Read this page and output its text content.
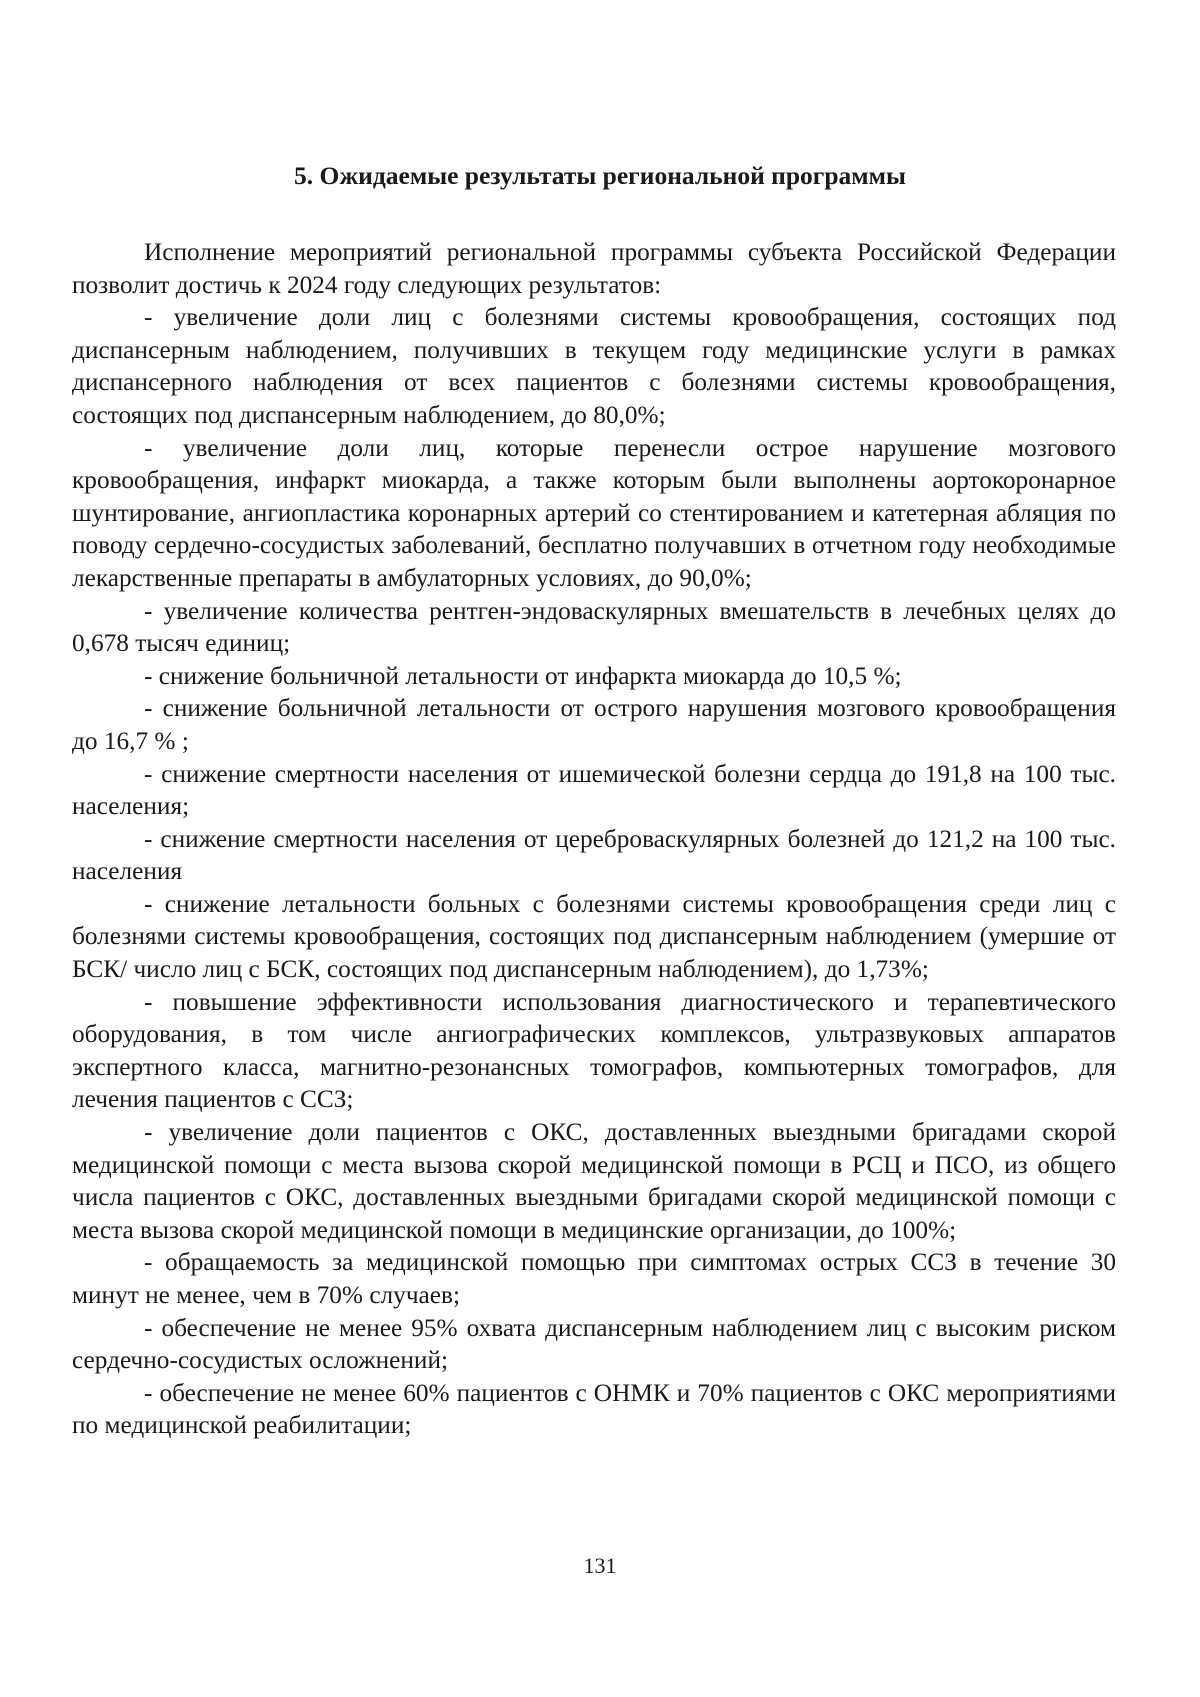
5. Ожидаемые результаты региональной программы

Исполнение мероприятий региональной программы субъекта Российской Федерации позволит достичь к 2024 году следующих результатов:

- увеличение доли лиц с болезнями системы кровообращения, состоящих под диспансерным наблюдением, получивших в текущем году медицинские услуги в рамках диспансерного наблюдения от всех пациентов с болезнями системы кровообращения, состоящих под диспансерным наблюдением, до 80,0%;

- увеличение доли лиц, которые перенесли острое нарушение мозгового кровообращения, инфаркт миокарда, а также которым были выполнены аортокоронарное шунтирование, ангиопластика коронарных артерий со стентированием и катетерная абляция по поводу сердечно-сосудистых заболеваний, бесплатно получавших в отчетном году необходимые лекарственные препараты в амбулаторных условиях, до 90,0%;

- увеличение количества рентген-эндоваскулярных вмешательств в лечебных целях до 0,678 тысяч единиц;

- снижение больничной летальности от инфаркта миокарда до 10,5 %;

- снижение больничной летальности от острого нарушения мозгового кровообращения до 16,7 % ;

- снижение смертности населения от ишемической болезни сердца до 191,8 на 100 тыс. населения;

- снижение смертности населения от цереброваскулярных болезней до 121,2 на 100 тыс. населения

- снижение летальности больных с болезнями системы кровообращения среди лиц с болезнями системы кровообращения, состоящих под диспансерным наблюдением (умершие от БСК/ число лиц с БСК, состоящих под диспансерным наблюдением), до 1,73%;

- повышение эффективности использования диагностического и терапевтического оборудования, в том числе ангиографических комплексов, ультразвуковых аппаратов экспертного класса, магнитно-резонансных томографов, компьютерных томографов, для лечения пациентов с ССЗ;

- увеличение доли пациентов с ОКС, доставленных выездными бригадами скорой медицинской помощи с места вызова скорой медицинской помощи в РСЦ и ПСО, из общего числа пациентов с ОКС, доставленных выездными бригадами скорой медицинской помощи с места вызова скорой медицинской помощи в медицинские организации, до 100%;

- обращаемость за медицинской помощью при симптомах острых ССЗ в течение 30 минут не менее, чем в 70% случаев;

- обеспечение не менее 95% охвата диспансерным наблюдением лиц с высоким риском сердечно-сосудистых осложнений;

- обеспечение не менее 60% пациентов с ОНМК и 70% пациентов с ОКС мероприятиями по медицинской реабилитации;

131
